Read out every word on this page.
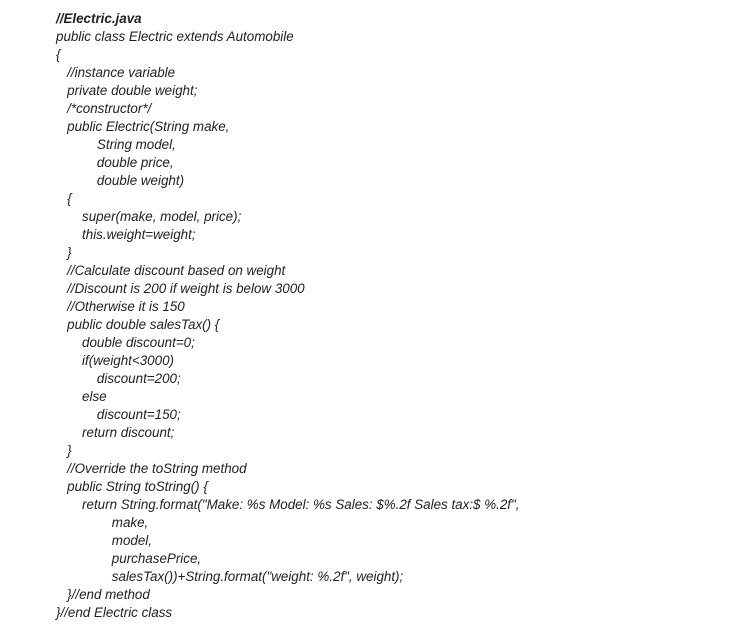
//Electric.java
public class Electric extends Automobile
{
//instance variable
private double weight;
/*constructor*/
public Electric(String make,
String model,
double price,
double weight)
{
super(make, model, price);
this.weight=weight;
}
//Calculate discount based on weight
//Discount is 200 if weight is below 3000
//Otherwise it is 150
public double salesTax() {
double discount=0;
if(weight<3000)
discount=200;
else
discount=150;
return discount;
}
//Override the toString method
public String toString() {
return String.format("Make: %s Model: %s Sales: $%.2f Sales tax:$ %.2f",
make,
model,
purchasePrice,
salesTax())+String.format("weight: %.2f", weight);
}//end method
}//end Electric class
